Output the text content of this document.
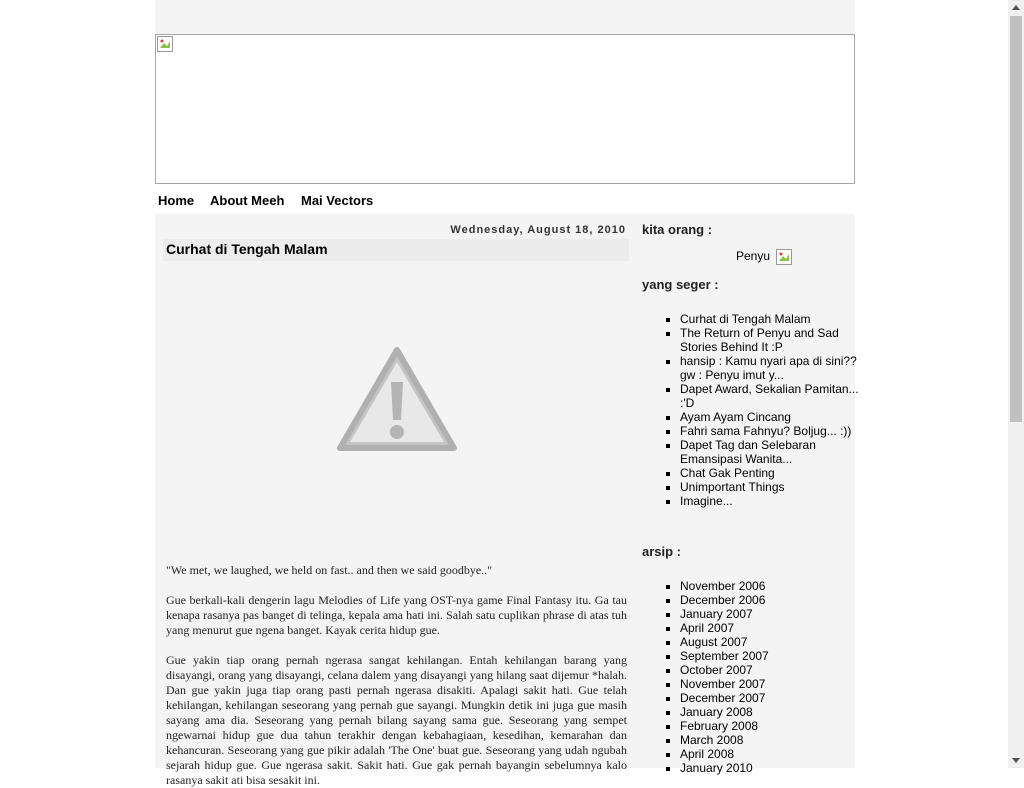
Home About Meeh Mai Vectors
Wednesday, August 18, 2010
Curhat di Tengah Malam

"We met, we laughed, we held on fast.. and then we said goodbye.."

Gue berkali-kali dengerin lagu Melodies of Life yang OST-nya game Final Fantasy itu. Ga tau kenapa rasanya pas banget di telinga, kepala ama hati ini. Salah satu cuplikan phrase di atas tuh yang menurut gue ngena banget. Kayak cerita hidup gue.

Gue yakin tiap orang pernah ngerasa sangat kehilangan. Entah kehilangan barang yang disayangi, orang yang disayangi, celana dalem yang disayangi yang hilang saat dijemur *halah. Dan gue yakin juga tiap orang pasti pernah ngerasa disakiti. Apalagi sakit hati. Gue telah kehilangan, kehilangan seseorang yang pernah gue sayangi. Mungkin detik ini juga gue masih sayang ama dia. Seseorang yang pernah bilang sayang sama gue. Seseorang yang sempet ngewarnai hidup gue dua tahun terakhir dengan kebahagiaan, kesedihan, kemarahan dan kehancuran. Seseorang yang gue pikir adalah 'The One' buat gue. Seseorang yang udah ngubah sejarah hidup gue. Gue ngerasa sakit. Sakit hati. Gue gak pernah bayangin sebelumnya kalo rasanya sakit ati bisa sesakit ini.

kita orang :
Penyu
yang seger :
▪ Curhat di Tengah Malam
▪ The Return of Penyu and Sad Stories Behind It :P
▪ hansip : Kamu nyari apa di sini??gw : Penyu imut y...
▪ Dapet Award, Sekalian Pamitan... :'D
▪ Ayam Ayam Cincang
▪ Fahri sama Fahnyu? Boljug... :))
▪ Dapet Tag dan Selebaran Emansipasi Wanita...
▪ Chat Gak Penting
▪ Unimportant Things
▪ Imagine...
arsip :
▪ November 2006
▪ December 2006
▪ January 2007
▪ April 2007
▪ August 2007
▪ September 2007
▪ October 2007
▪ November 2007
▪ December 2007
▪ January 2008
▪ February 2008
▪ March 2008
▪ April 2008
▪ January 2010
